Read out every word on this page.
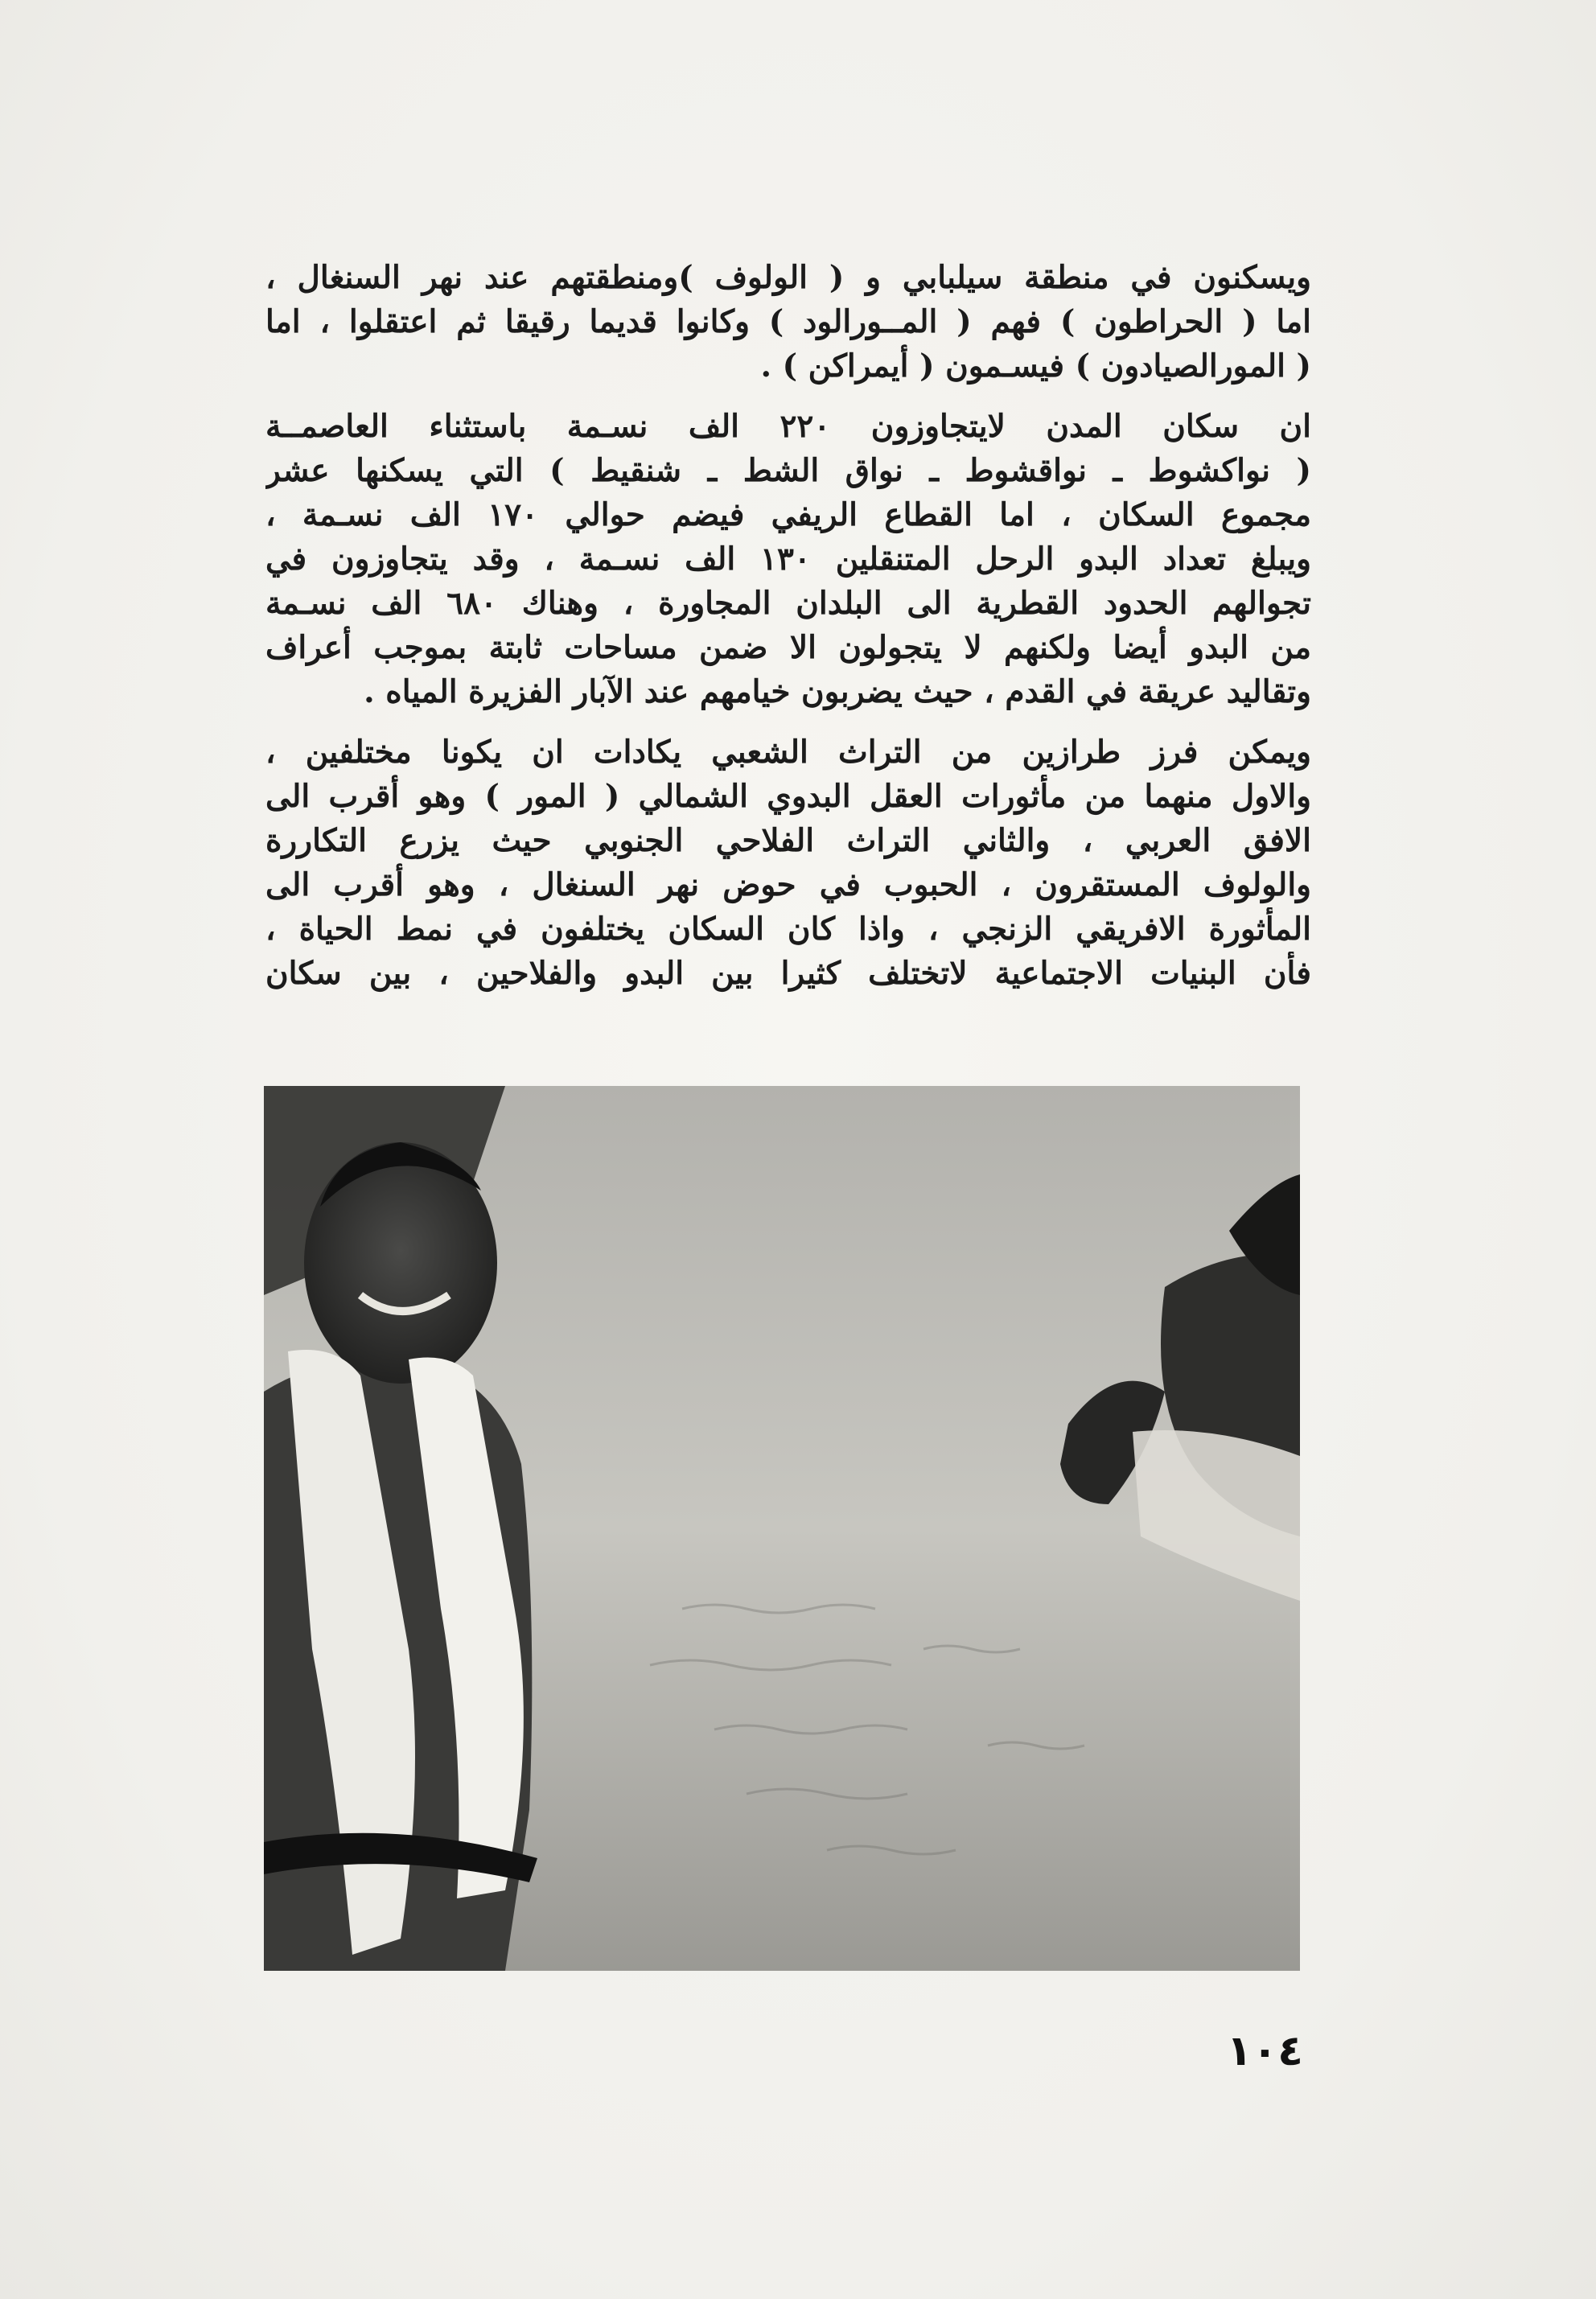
ويسكنون في منطقة سيلبابي و ( الولوف )ومنطقتهم عند نهر السنغال ،
اما ( الحراطون ) فهم ( المــورالود ) وكانوا قديما رقيقا ثم اعتقلوا ، اما
( المورالصيادون ) فيسـمون ( أيمراكن ) .

ان سكان المدن لايتجاوزون ٢٢٠ الف نسـمة باستثناء العاصمــة
( نواكشوط ـ نواقشوط ـ نواق الشط ـ شنقيط ) التي يسكنها عشر
مجموع السكان ، اما القطاع الريفي فيضم حوالي ١٧٠ الف نسـمة ،
ويبلغ تعداد البدو الرحل المتنقلين ١٣٠ الف نسـمة ، وقد يتجاوزون في
تجوالهم الحدود القطرية الى البلدان المجاورة ، وهناك ٦٨٠ الف نسـمة
من البدو أيضا ولكنهم لا يتجولون الا ضمن مساحات ثابتة بموجب أعراف
وتقاليد عريقة في القدم ، حيث يضربون خيامهم عند الآبار الفزيرة المياه .

ويمكن فرز طرازين من التراث الشعبي يكادات ان يكونا مختلفين ،
والاول منهما من مأثورات العقل البدوي الشمالي ( المور ) وهو أقرب الى
الافق العربي ، والثاني التراث الفلاحي الجنوبي حيث يزرع التكاررة
والولوف المستقرون ، الحبوب في حوض نهر السنغال ، وهو أقرب الى
المأثورة الافريقي الزنجي ، واذا كان السكان يختلفون في نمط الحياة ،
فأن البنيات الاجتماعية لاتختلف كثيرا بين البدو والفلاحين ، بين سكان

١٠٤
